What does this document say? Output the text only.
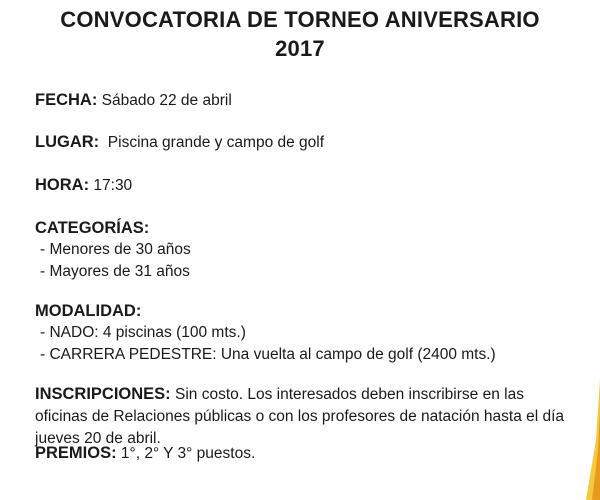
CONVOCATORIA DE TORNEO ANIVERSARIO
2017
FECHA: Sábado 22 de abril
LUGAR: Piscina grande y campo de golf
HORA: 17:30
CATEGORÍAS:
- Menores de 30 años
- Mayores de 31 años
MODALIDAD:
- NADO: 4 piscinas (100 mts.)
- CARRERA PEDESTRE: Una vuelta al campo de golf (2400 mts.)
INSCRIPCIONES: Sin costo. Los interesados deben inscribirse en las oficinas de Relaciones públicas o con los profesores de natación hasta el día jueves 20 de abril.
PREMIOS: 1°, 2° Y 3° puestos.
